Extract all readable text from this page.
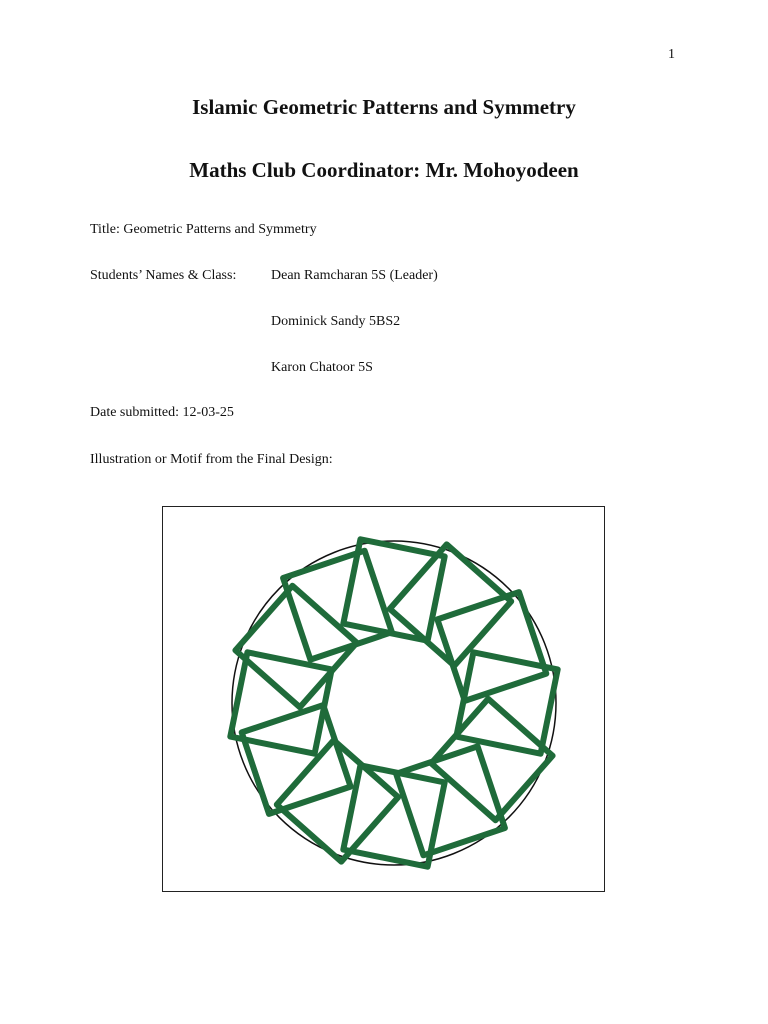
1
Islamic Geometric Patterns and Symmetry
Maths Club Coordinator: Mr. Mohoyodeen
Title: Geometric Patterns and Symmetry
Students’ Names & Class: Dean Ramcharan 5S (Leader)
Dominick Sandy 5BS2
Karon Chatoor 5S
Date submitted: 12-03-25
Illustration or Motif from the Final Design:
